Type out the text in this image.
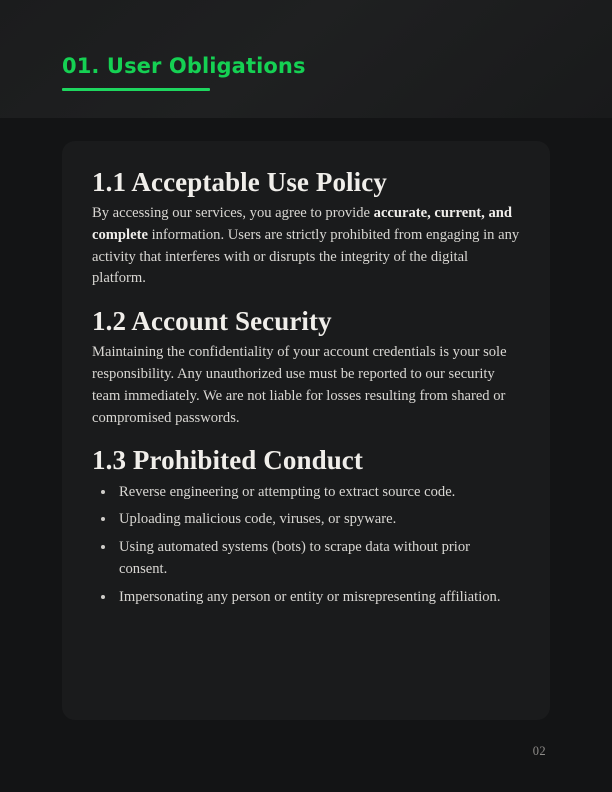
01. User Obligations
1.1 Acceptable Use Policy

By accessing our services, you agree to provide accurate, current, and complete information. Users are strictly prohibited from engaging in any activity that interferes with or disrupts the integrity of the digital platform.

1.2 Account Security

Maintaining the confidentiality of your account credentials is your sole responsibility. Any unauthorized use must be reported to our security team immediately. We are not liable for losses resulting from shared or compromised passwords.

1.3 Prohibited Conduct
Reverse engineering or attempting to extract source code.
Uploading malicious code, viruses, or spyware.
Using automated systems (bots) to scrape data without prior consent.
Impersonating any person or entity or misrepresenting affiliation.
02
